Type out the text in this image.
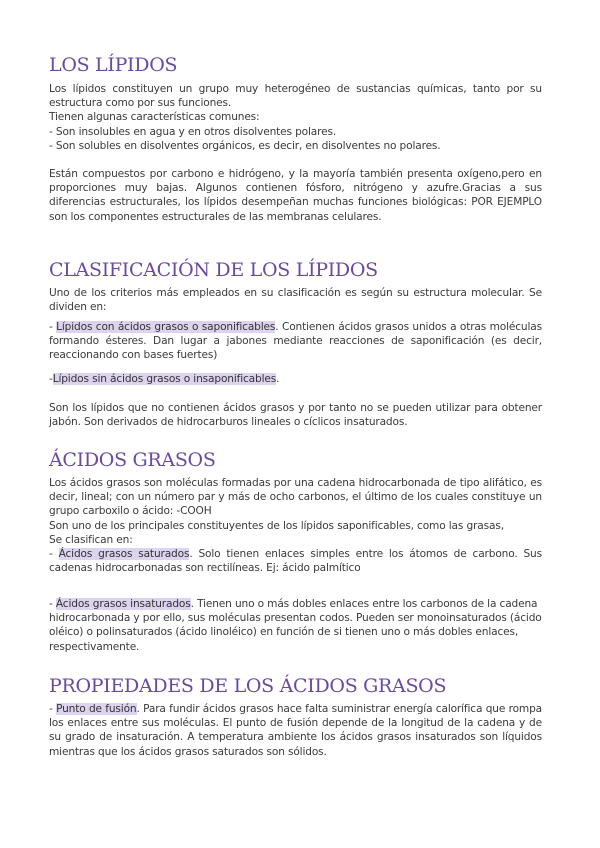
LOS LÍPIDOS

Los lípidos constituyen un grupo muy heterogéneo de sustancias químicas, tanto por su estructura como por sus funciones.

Tienen algunas características comunes:

- Son insolubles en agua y en otros disolventes polares.

- Son solubles en disolventes orgánicos, es decir, en disolventes no polares.

Están compuestos por carbono e hidrógeno, y la mayoría también presenta oxígeno,pero en proporciones muy bajas. Algunos contienen fósforo, nitrógeno y azufre.Gracias a sus diferencias estructurales, los lípidos desempeñan muchas funciones biológicas: POR EJEMPLO son los componentes estructurales de las membranas celulares.

CLASIFICACIÓN DE LOS LÍPIDOS

Uno de los criterios más empleados en su clasificación es según su estructura molecular. Se dividen en:

- Lípidos con ácidos grasos o saponificables. Contienen ácidos grasos unidos a otras moléculas formando ésteres. Dan lugar a jabones mediante reacciones de saponificación (es decir, reaccionando con bases fuertes)

-Lípidos sin ácidos grasos o insaponificables.

Son los lípidos que no contienen ácidos grasos y por tanto no se pueden utilizar para obtener jabón. Son derivados de hidrocarburos lineales o cíclicos insaturados.

ÁCIDOS GRASOS

Los ácidos grasos son moléculas formadas por una cadena hidrocarbonada de tipo alifático, es decir, lineal; con un número par y más de ocho carbonos, el último de los cuales constituye un grupo carboxilo o ácido: -COOH

Son uno de los principales constituyentes de los lípidos saponificables, como las grasas,

Se clasifican en:

- Ácidos grasos saturados. Solo tienen enlaces simples entre los átomos de carbono. Sus cadenas hidrocarbonadas son rectilíneas. Ej: ácido palmítico

- Ácidos grasos insaturados. Tienen uno o más dobles enlaces entre los carbonos de la cadena hidrocarbonada y por ello, sus moléculas presentan codos. Pueden ser monoinsaturados (ácido oléico) o polinsaturados (ácido linoléico) en función de si tienen uno o más dobles enlaces, respectivamente.

PROPIEDADES DE LOS ÁCIDOS GRASOS

- Punto de fusión. Para fundir ácidos grasos hace falta suministrar energía calorífica que rompa los enlaces entre sus moléculas. El punto de fusión depende de la longitud de la cadena y de su grado de insaturación. A temperatura ambiente los ácidos grasos insaturados son líquidos mientras que los ácidos grasos saturados son sólidos.
